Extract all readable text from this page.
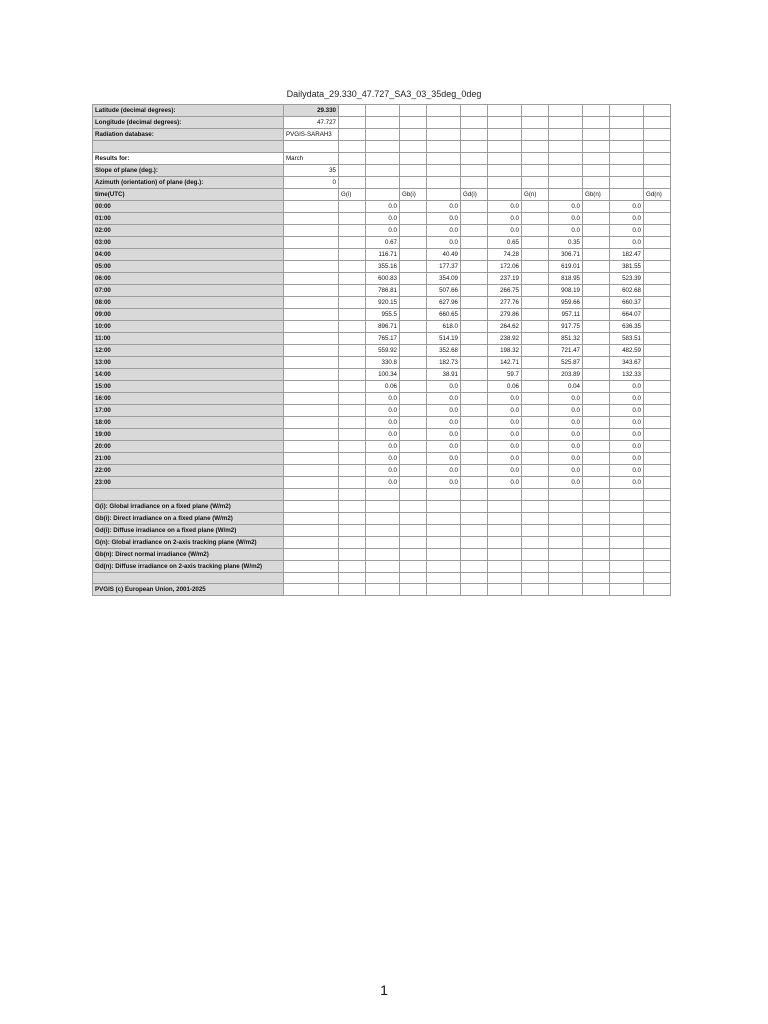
Dailydata_29.330_47.727_SA3_03_35deg_0deg
Latitude (decimal degrees):	29.330												
Longitude (decimal degrees):	47.727												
Radiation database:	PVGIS-SARAH3												

Results for:	March												
Slope of plane (deg.):	35												
Azimuth (orientation) of plane (deg.):	0												
time(UTC)		G(i)		Gb(i)		Gd(i)		G(n)		Gb(n)		Gd(n)	
00:00			0.0		0.0		0.0		0.0		0.0		
01:00			0.0		0.0		0.0		0.0		0.0		
02:00			0.0		0.0		0.0		0.0		0.0		
03:00			0.67		0.0		0.65		0.35		0.0		
04:00			116.71		40.49		74.28		306.71		182.47		
05:00			355.16		177.37		172.06		619.01		381.55		
06:00			600.83		354.09		237.19		818.95		523.39		
07:00			786.81		507.66		266.75		908.19		602.68		
08:00			920.15		627.96		277.76		959.66		660.37		
09:00			955.5		660.65		279.86		957.11		664.07		
10:00			896.71		618.0		264.62		917.75		636.35		
11:00			765.17		514.19		238.92		851.32		583.51		
12:00			559.92		352.68		198.32		721.47		482.59		
13:00			330.8		182.73		142.71		525.87		343.67		
14:00			100.34		38.91		59.7		203.89		132.33		
15:00			0.06		0.0		0.06		0.04		0.0		
16:00			0.0		0.0		0.0		0.0		0.0		
17:00			0.0		0.0		0.0		0.0		0.0		
18:00			0.0		0.0		0.0		0.0		0.0		
19:00			0.0		0.0		0.0		0.0		0.0		
20:00			0.0		0.0		0.0		0.0		0.0		
21:00			0.0		0.0		0.0		0.0		0.0		
22:00			0.0		0.0		0.0		0.0		0.0		
23:00			0.0		0.0		0.0		0.0		0.0		

G(i): Global irradiance on a fixed plane (W/m2)													
Gb(i): Direct irradiance on a fixed plane (W/m2)													
Gd(i): Diffuse irradiance on a fixed plane (W/m2)													
G(n): Global irradiance on 2-axis tracking plane (W/m2)													
Gb(n): Direct normal irradiance (W/m2)													
Gd(n): Diffuse irradiance on 2-axis tracking plane (W/m2)													

PVGIS (c) European Union, 2001-2025													
1
